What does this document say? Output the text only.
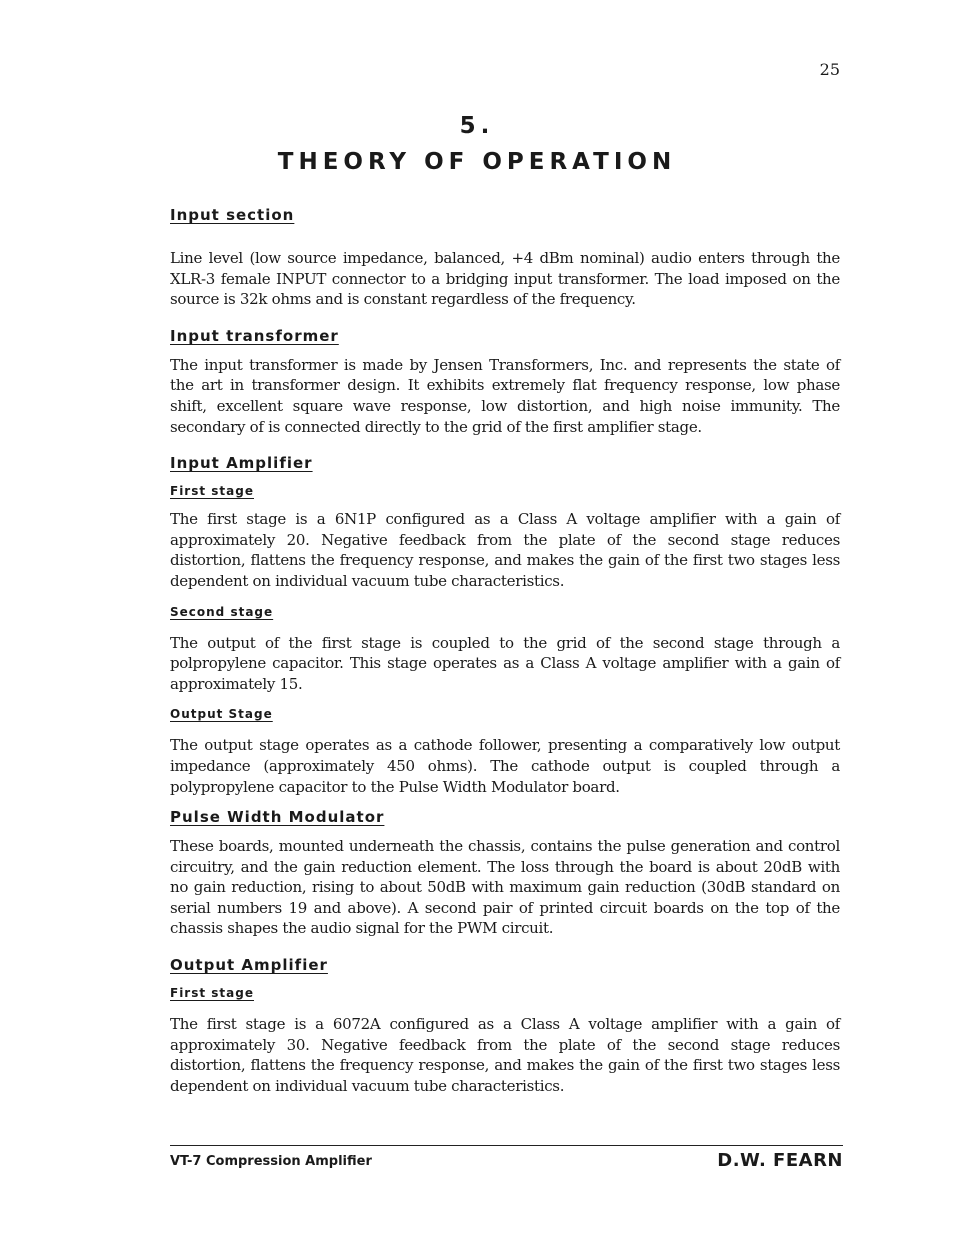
25
5.
THEORY OF OPERATION
Input section

Line level (low source impedance, balanced, +4 dBm nominal) audio enters through the XLR-3 female INPUT connector to a bridging input transformer. The load imposed on the source is 32k ohms and is constant regardless of the frequency.

Input transformer

The input transformer is made by Jensen Transformers, Inc. and represents the state of the art in transformer design. It exhibits extremely flat frequency response, low phase shift, excellent square wave response, low distortion, and high noise immunity. The secondary of is connected directly to the grid of the first amplifier stage.

Input Amplifier
First stage

The first stage is a 6N1P configured as a Class A voltage amplifier with a gain of approximately 20. Negative feedback from the plate of the second stage reduces distortion, flattens the frequency response, and makes the gain of the first two stages less dependent on individual vacuum tube characteristics.

Second stage

The output of the first stage is coupled to the grid of the second stage through a polpropylene capacitor. This stage operates as a Class A voltage amplifier with a gain of approximately 15.

Output Stage

The output stage operates as a cathode follower, presenting a comparatively low output impedance (approximately 450 ohms). The cathode output is coupled through a polypropylene capacitor to the Pulse Width Modulator board.

Pulse Width Modulator

These boards, mounted underneath the chassis, contains the pulse generation and control circuitry, and the gain reduction element. The loss through the board is about 20dB with no gain reduction, rising to about 50dB with maximum gain reduction (30dB standard on serial numbers 19 and above). A second pair of printed circuit boards on the top of the chassis shapes the audio signal for the PWM circuit.

Output Amplifier
First stage

The first stage is a 6072A configured as a Class A voltage amplifier with a gain of approximately 30. Negative feedback from the plate of the second stage reduces distortion, flattens the frequency response, and makes the gain of the first two stages less dependent on individual vacuum tube characteristics.

VT-7 Compression Amplifier	D.W. FEARN
